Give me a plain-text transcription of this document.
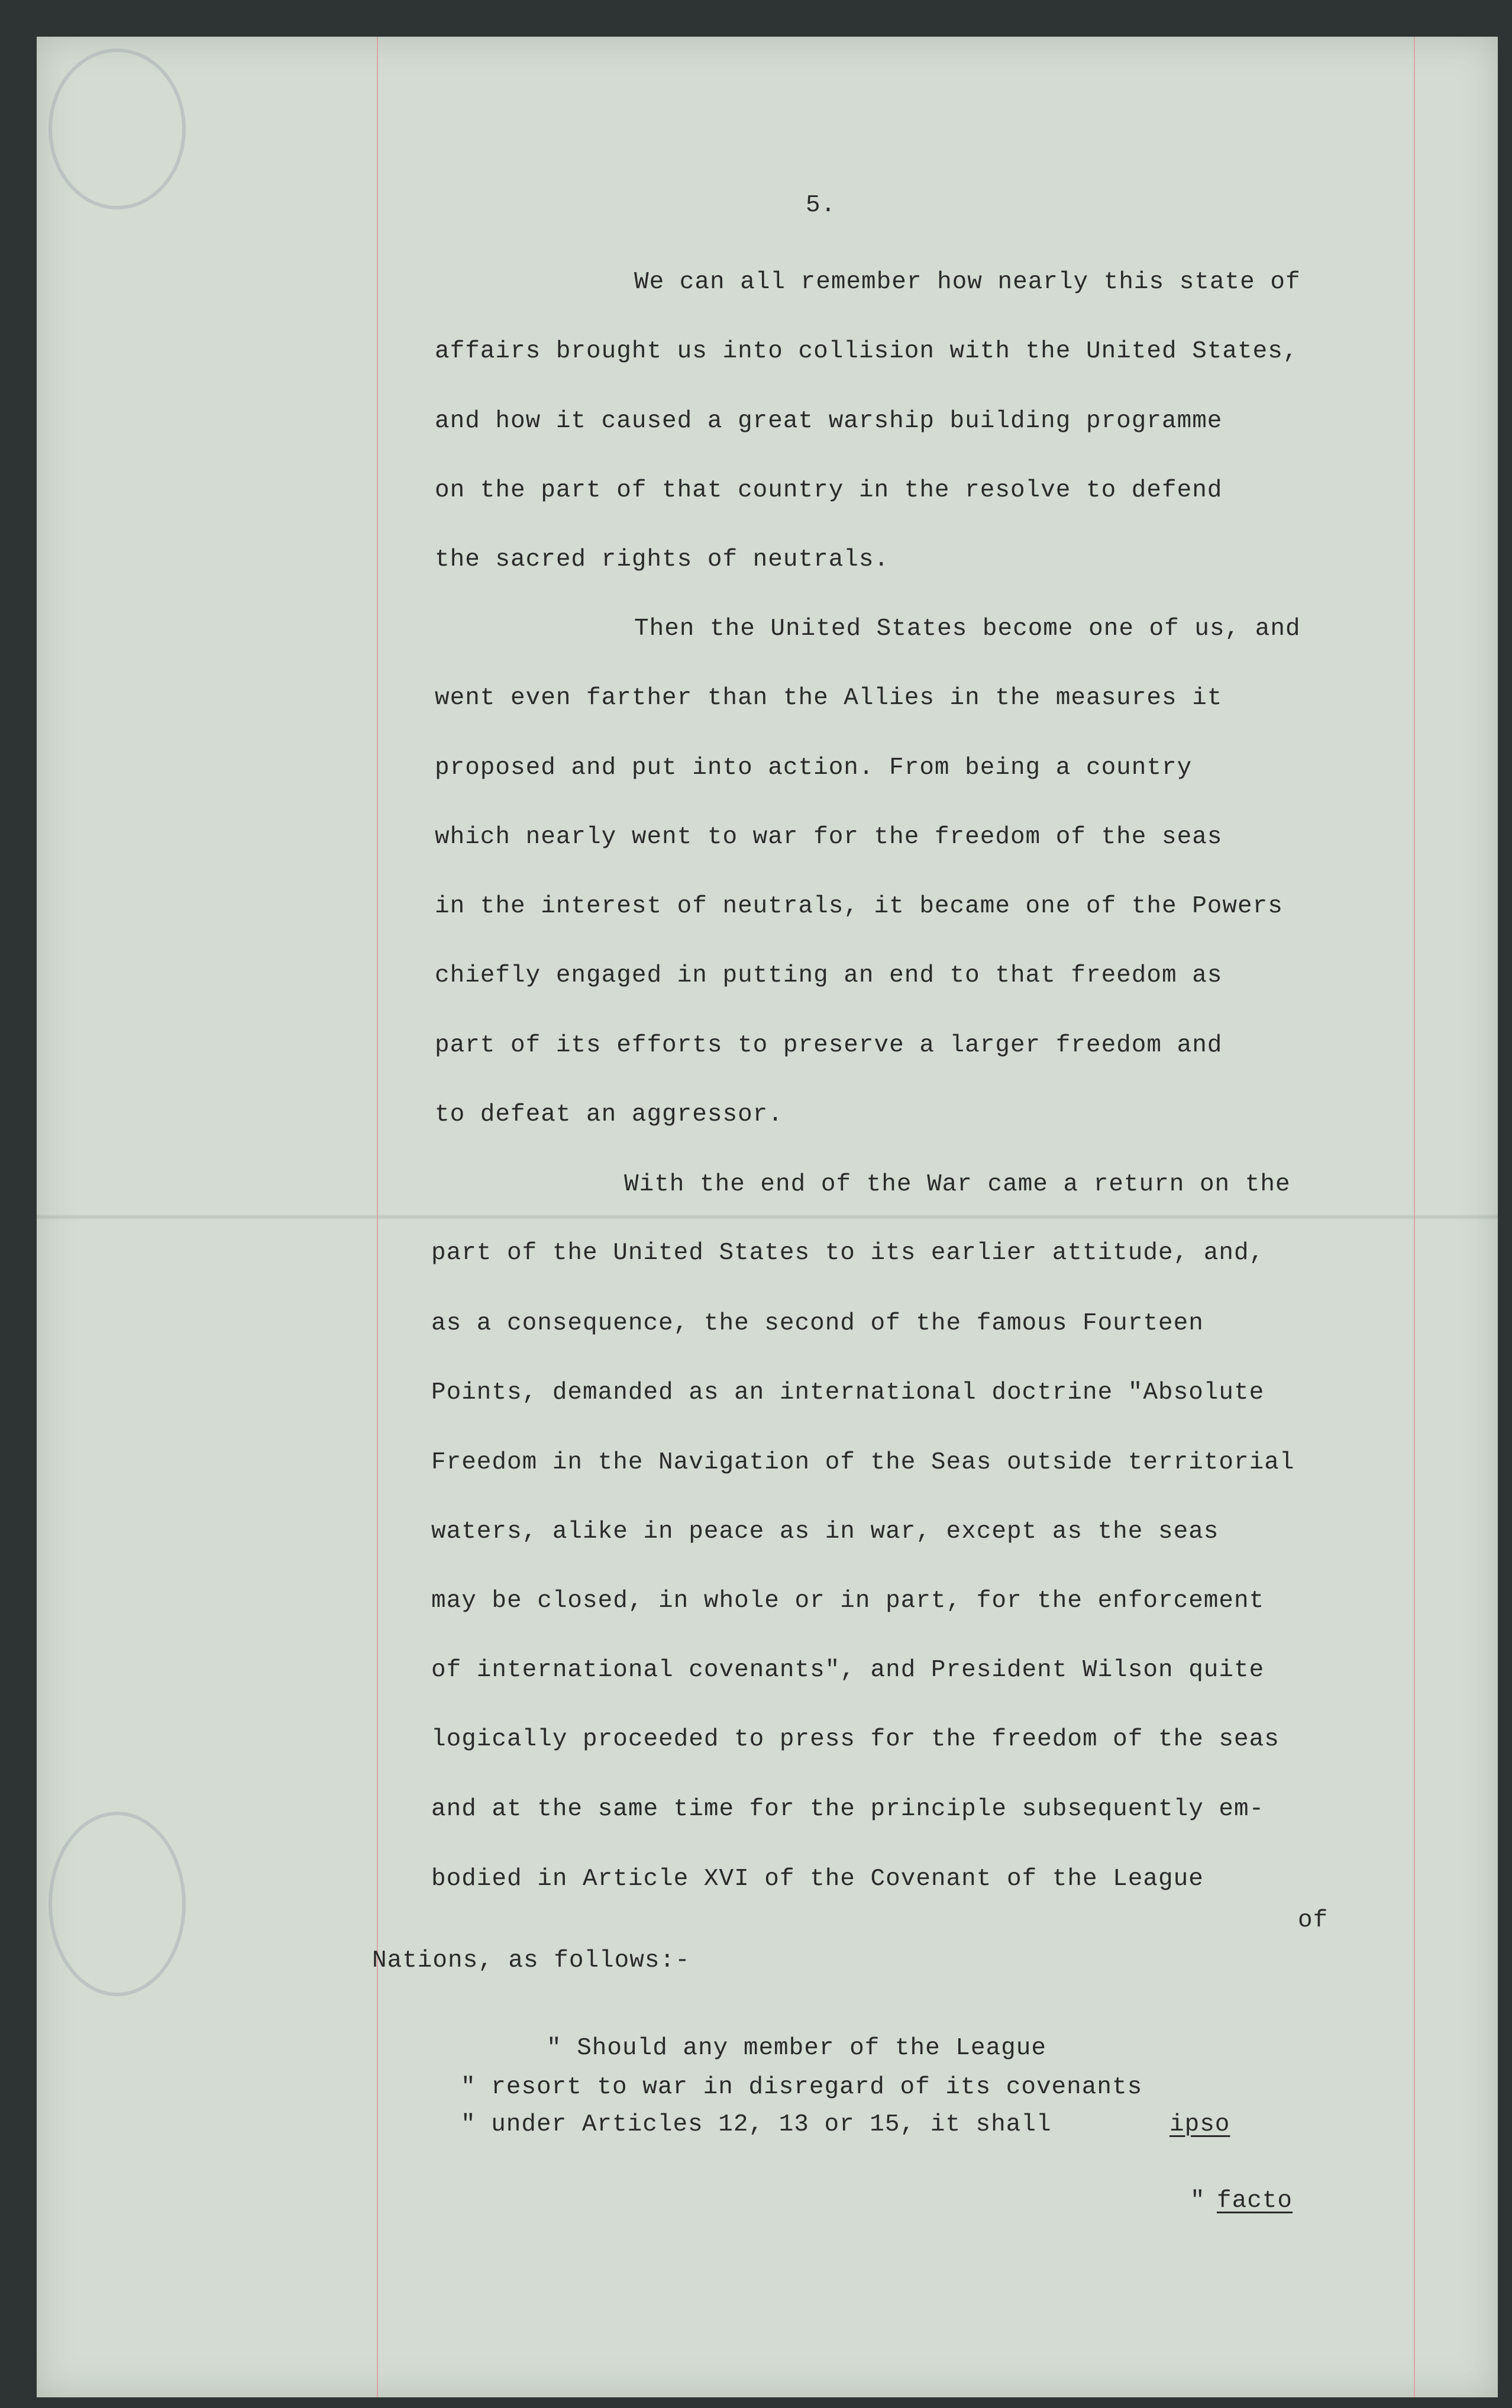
5.
We can all remember how nearly this state of
affairs brought us into collision with the United States,
and how it caused a great warship building programme
on the part of that country in the resolve to defend
the sacred rights of neutrals.
Then the United States become one of us, and
went even farther than the Allies in the measures it
proposed and put into action. From being a country
which nearly went to war for the freedom of the seas
in the interest of neutrals, it became one of the Powers
chiefly engaged in putting an end to that freedom as
part of its efforts to preserve a larger freedom and
to defeat an aggressor.
With the end of the War came a return on the
part of the United States to its earlier attitude, and,
as a consequence, the second of the famous Fourteen
Points, demanded as an international doctrine "Absolute
Freedom in the Navigation of the Seas outside territorial
waters, alike in peace as in war, except as the seas
may be closed, in whole or in part, for the enforcement
of international covenants", and President Wilson quite
logically proceeded to press for the freedom of the seas
and at the same time for the principle subsequently em-
bodied in Article XVI of the Covenant of the League
of
Nations, as follows:-
" Should any member of the League
" resort to war in disregard of its covenants
" under Articles 12, 13 or 15, it shall	ipso
" facto
